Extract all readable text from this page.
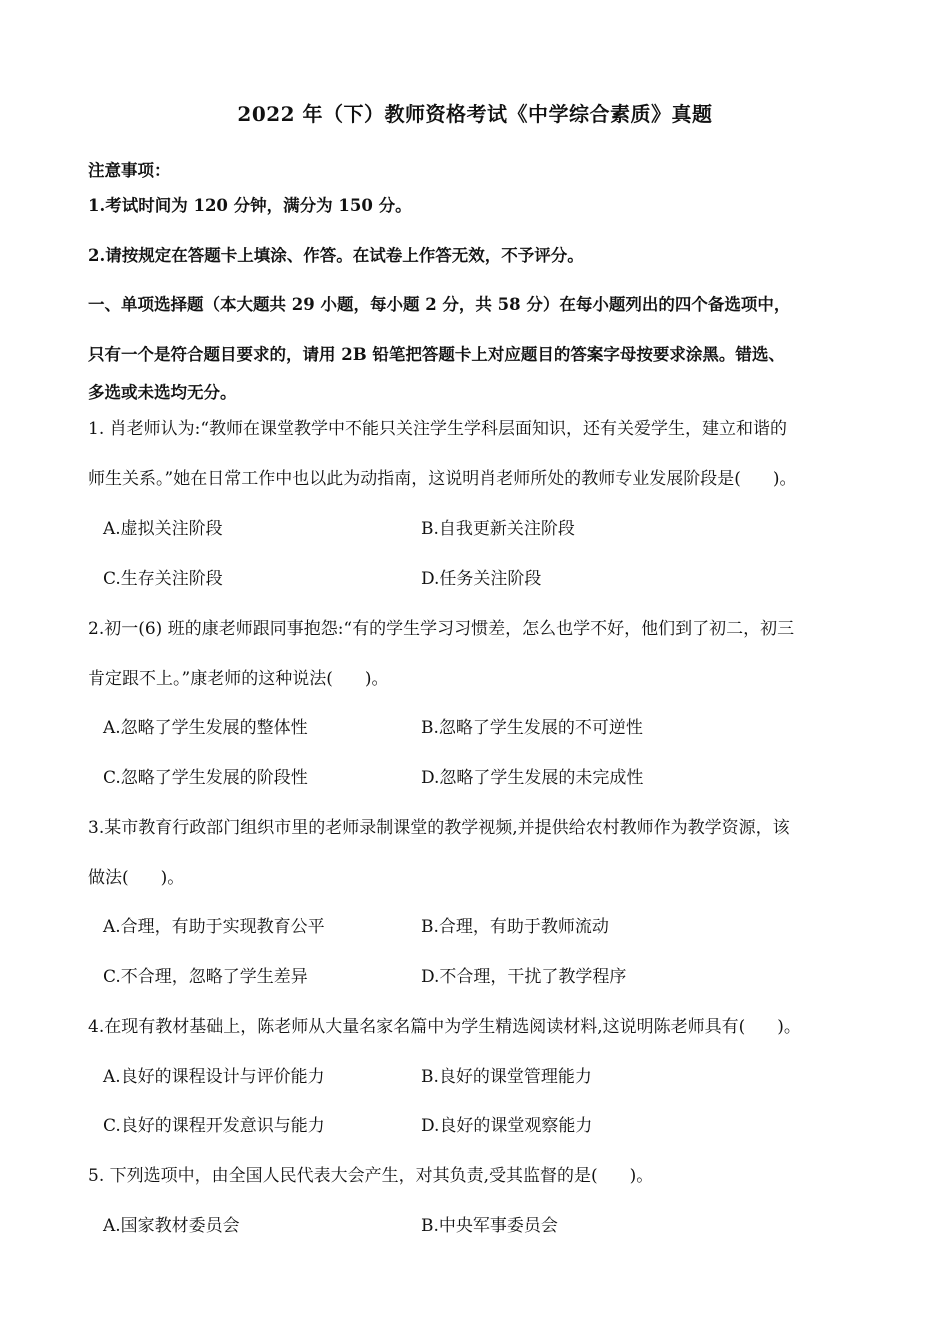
2022 年（下）教师资格考试《中学综合素质》真题
注意事项：
1.考试时间为 120 分钟，满分为 150 分。
2.请按规定在答题卡上填涂、作答。在试卷上作答无效，不予评分。
一、单项选择题（本大题共 29 小题，每小题 2 分，共 58 分）在每小题列出的四个备选项中，
只有一个是符合题目要求的，请用 2B 铅笔把答题卡上对应题目的答案字母按要求涂黑。错选、
多选或未选均无分。
1. 肖老师认为:“教师在课堂教学中不能只关注学生学科层面知识，还有关爱学生，建立和谐的
师生关系。”她在日常工作中也以此为动指南，这说明肖老师所处的教师专业发展阶段是( )。
A.虚拟关注阶段	B.自我更新关注阶段
C.生存关注阶段	D.任务关注阶段
2.初一(6) 班的康老师跟同事抱怨:“有的学生学习习惯差，怎么也学不好，他们到了初二，初三
肯定跟不上。”康老师的这种说法( )。
A.忽略了学生发展的整体性	B.忽略了学生发展的不可逆性
C.忽略了学生发展的阶段性	D.忽略了学生发展的未完成性
3.某市教育行政部门组织市里的老师录制课堂的教学视频,并提供给农村教师作为教学资源，该
做法( )。
A.合理，有助于实现教育公平	B.合理，有助于教师流动
C.不合理，忽略了学生差异	D.不合理，干扰了教学程序
4.在现有教材基础上，陈老师从大量名家名篇中为学生精选阅读材料,这说明陈老师具有( )。
A.良好的课程设计与评价能力	B.良好的课堂管理能力
C.良好的课程开发意识与能力	D.良好的课堂观察能力
5. 下列选项中，由全国人民代表大会产生，对其负责,受其监督的是( )。
A.国家教材委员会	B.中央军事委员会
